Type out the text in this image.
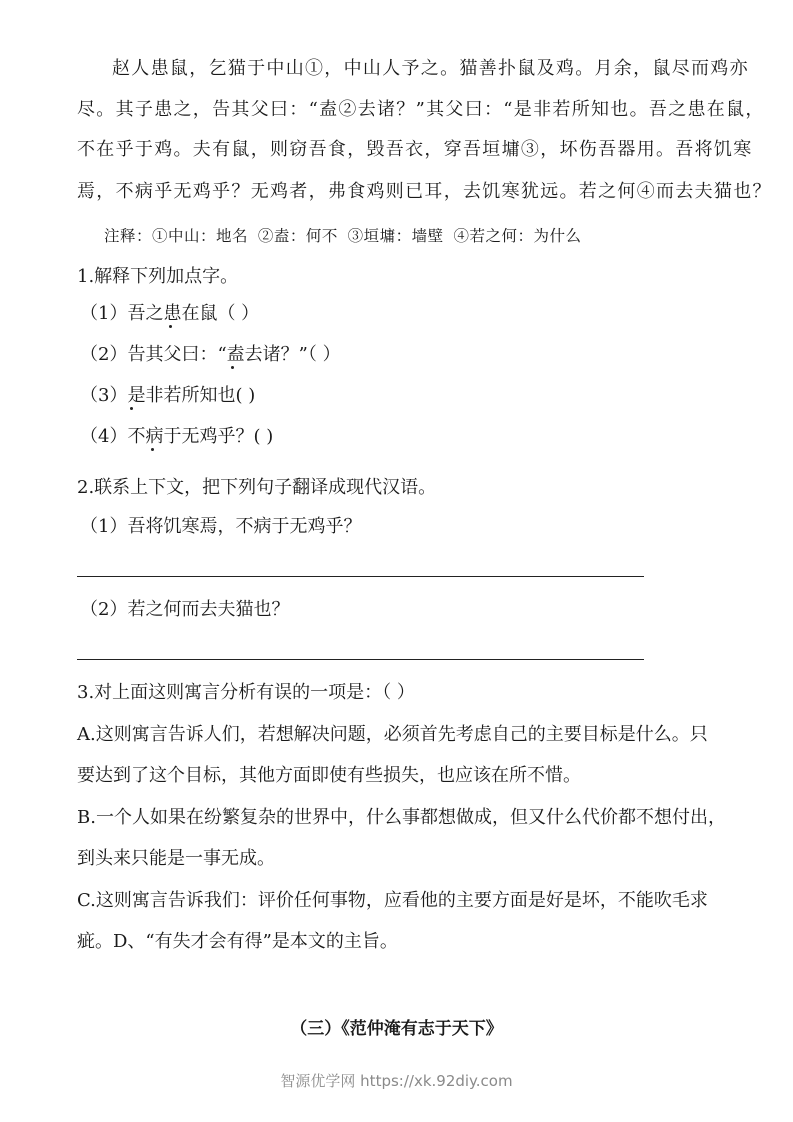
赵人患鼠，乞猫于中山①，中山人予之。猫善扑鼠及鸡。月余，鼠尽而鸡亦
尽。其子患之，告其父曰：“盍②去诸？”其父曰：“是非若所知也。吾之患在鼠，
不在乎于鸡。夫有鼠，则窃吾食，毁吾衣，穿吾垣墉③，坏伤吾器用。吾将饥寒
焉，不病乎无鸡乎？无鸡者，弗食鸡则已耳，去饥寒犹远。若之何④而去夫猫也？
注释：①中山：地名 ②盍：何不 ③垣墉：墙壁 ④若之何：为什么
1.解释下列加点字。
（1）吾之患在鼠（ ）
（2）告其父曰：“盍去诸？”（ ）
（3）是非若所知也( )
（4）不病于无鸡乎？( )
2.联系上下文，把下列句子翻译成现代汉语。
（1）吾将饥寒焉，不病于无鸡乎？
（2）若之何而去夫猫也？
3.对上面这则寓言分析有误的一项是：（ ）
A.这则寓言告诉人们，若想解决问题，必须首先考虑自己的主要目标是什么。只
要达到了这个目标，其他方面即使有些损失，也应该在所不惜。
B.一个人如果在纷繁复杂的世界中，什么事都想做成，但又什么代价都不想付出，
到头来只能是一事无成。
C.这则寓言告诉我们：评价任何事物，应看他的主要方面是好是坏，不能吹毛求
疵。D、“有失才会有得”是本文的主旨。
（三）《范仲淹有志于天下》
智源优学网 https://xk.92diy.com
